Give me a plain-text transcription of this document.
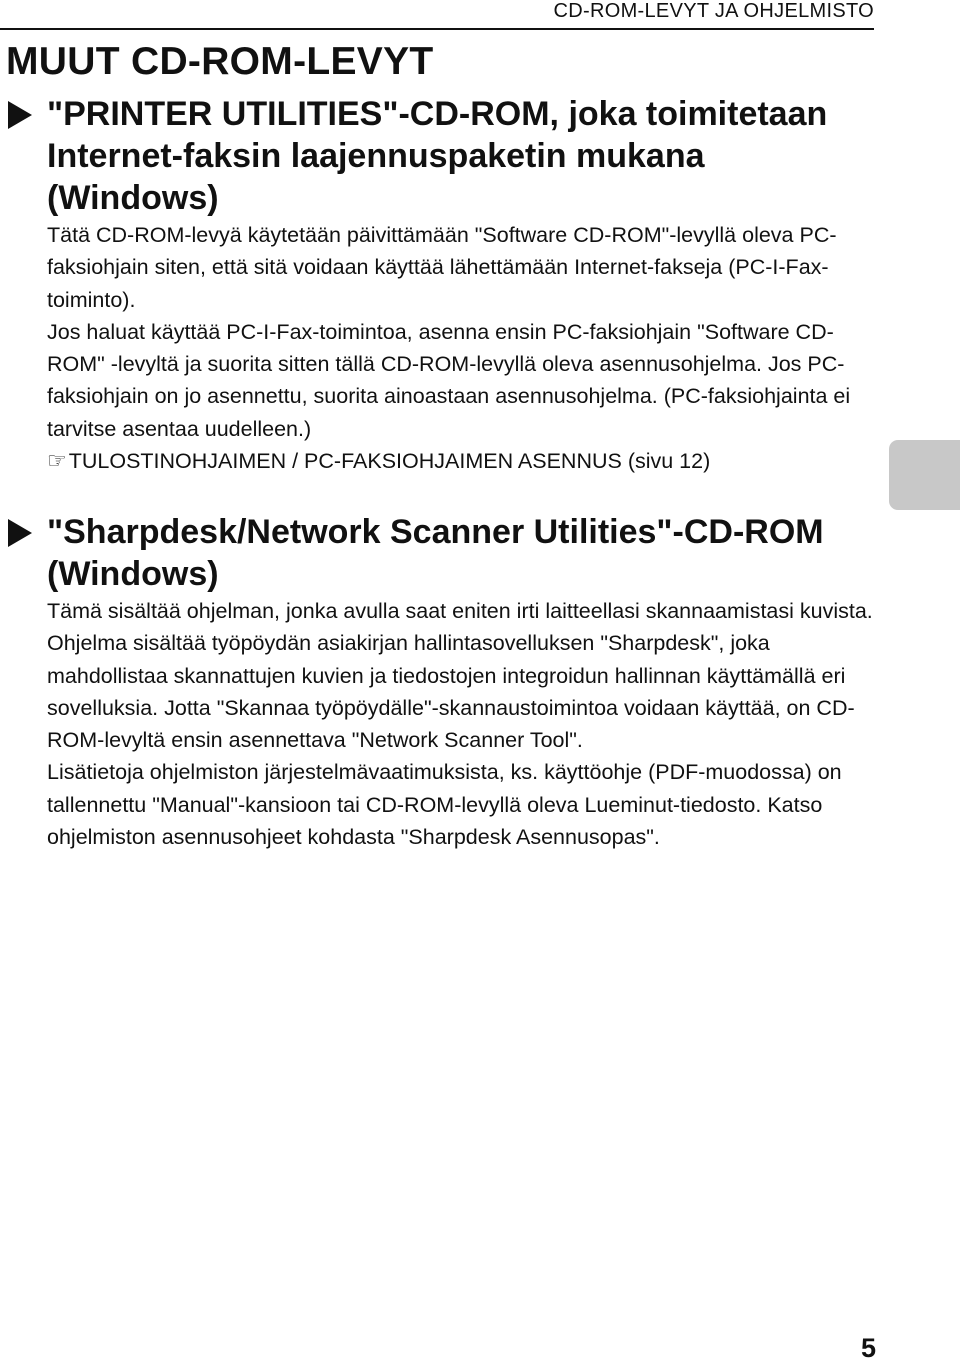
CD-ROM-LEVYT JA OHJELMISTO
MUUT CD-ROM-LEVYT
"PRINTER UTILITIES"-CD-ROM, joka toimitetaan Internet-faksin laajennuspaketin mukana (Windows)

Tätä CD-ROM-levyä käytetään päivittämään "Software CD-ROM"-levyllä oleva PC-faksiohjain siten, että sitä voidaan käyttää lähettämään Internet-fakseja (PC-I-Fax-toiminto).

Jos haluat käyttää PC-I-Fax-toimintoa, asenna ensin PC-faksiohjain "Software CD-ROM" -levyltä ja suorita sitten tällä CD-ROM-levyllä oleva asennusohjelma. Jos PC-faksiohjain on jo asennettu, suorita ainoastaan asennusohjelma. (PC-faksiohjainta ei tarvitse asentaa uudelleen.)

☞TULOSTINOHJAIMEN / PC-FAKSIOHJAIMEN ASENNUS (sivu 12)

"Sharpdesk/Network Scanner Utilities"-CD-ROM (Windows)

Tämä sisältää ohjelman, jonka avulla saat eniten irti laitteellasi skannaamistasi kuvista. Ohjelma sisältää työpöydän asiakirjan hallintasovelluksen "Sharpdesk", joka mahdollistaa skannattujen kuvien ja tiedostojen integroidun hallinnan käyttämällä eri sovelluksia. Jotta "Skannaa työpöydälle"-skannaustoimintoa voidaan käyttää, on CD-ROM-levyltä ensin asennettava "Network Scanner Tool".

Lisätietoja ohjelmiston järjestelmävaatimuksista, ks. käyttöohje (PDF-muodossa) on tallennettu "Manual"-kansioon tai CD-ROM-levyllä oleva Lueminut-tiedosto. Katso ohjelmiston asennusohjeet kohdasta "Sharpdesk Asennusopas".

5
